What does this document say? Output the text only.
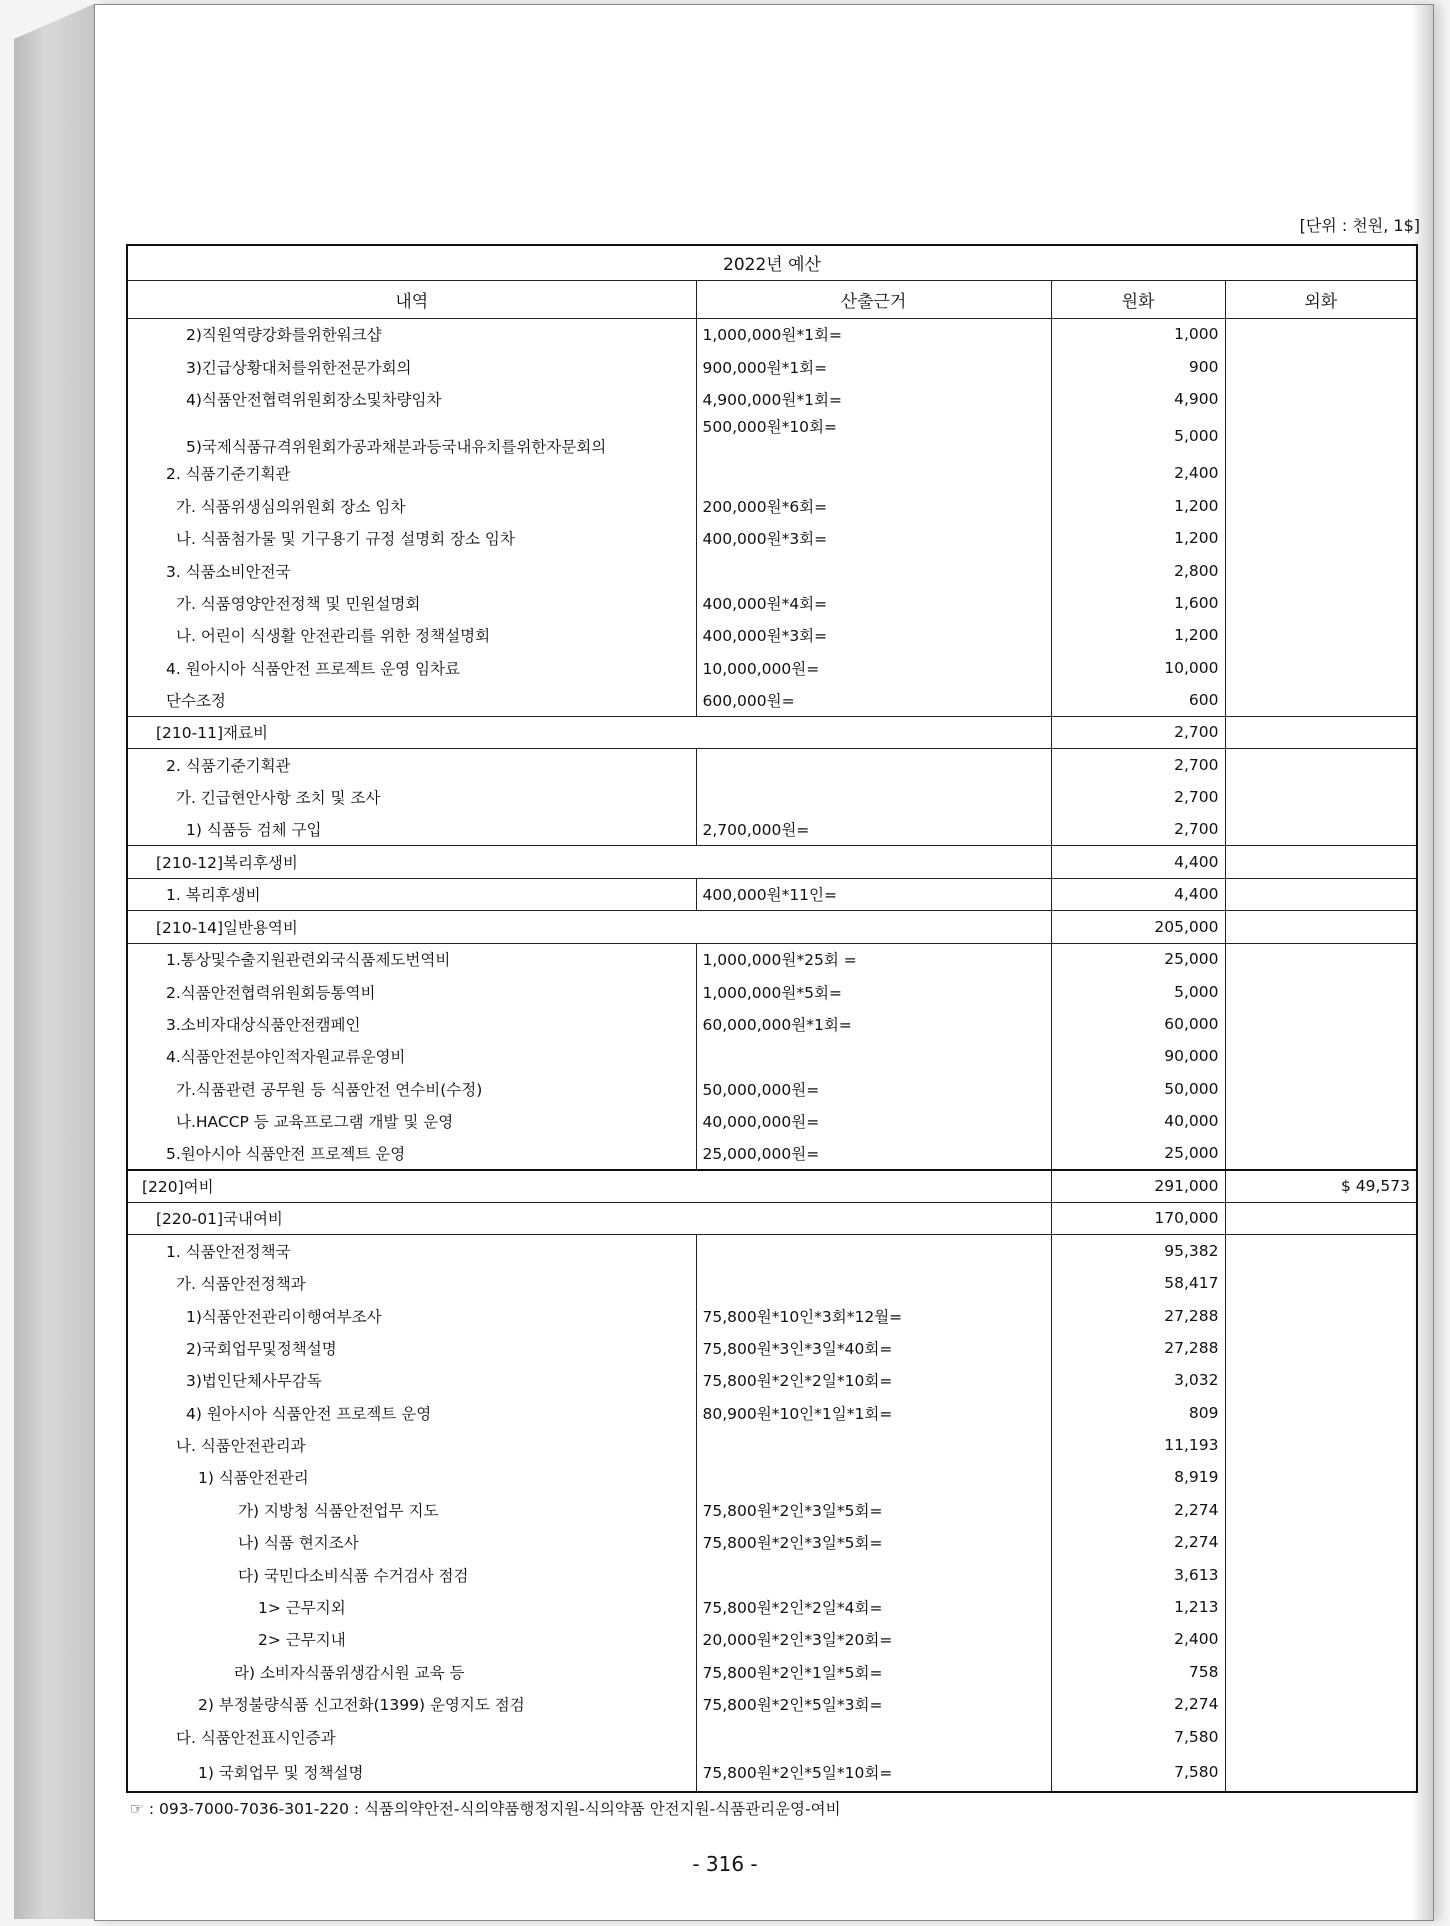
[단위 : 천원, 1$]
2022년 예산			
내역	산출근거	원화	외화
2)직원역량강화를위한워크샵	1,000,000원*1회=	1,000	
3)긴급상황대처를위한전문가회의	900,000원*1회=	900	
4)식품안전협력위원회장소및차량임차	4,900,000원*1회=	4,900	
5)국제식품규격위원회가공과채분과등국내유치를위한자문회의	500,000원*10회=	5,000	
2. 식품기준기획관		2,400	
가. 식품위생심의위원회 장소 임차	200,000원*6회=	1,200	
나. 식품첨가물 및 기구용기 규정 설명회 장소 임차	400,000원*3회=	1,200	
3. 식품소비안전국		2,800	
가. 식품영양안전정책 및 민원설명회	400,000원*4회=	1,600	
나. 어린이 식생활 안전관리를 위한 정책설명회	400,000원*3회=	1,200	
4. 원아시아 식품안전 프로젝트 운영 임차료	10,000,000원=	10,000	
단수조정	600,000원=	600	
[210-11]재료비		2,700	
2. 식품기준기획관		2,700	
가. 긴급현안사항 조치 및 조사		2,700	
1) 식품등 검체 구입	2,700,000원=	2,700	
[210-12]복리후생비		4,400	
1. 복리후생비	400,000원*11인=	4,400	
[210-14]일반용역비		205,000	
1.통상및수출지원관련외국식품제도번역비	1,000,000원*25회 =	25,000	
2.식품안전협력위원회등통역비	1,000,000원*5회=	5,000	
3.소비자대상식품안전캠페인	60,000,000원*1회=	60,000	
4.식품안전분야인적자원교류운영비		90,000	
가.식품관련 공무원 등 식품안전 연수비(수정)	50,000,000원=	50,000	
나.HACCP 등 교육프로그램 개발 및 운영	40,000,000원=	40,000	
5.원아시아 식품안전 프로젝트 운영	25,000,000원=	25,000	
[220]여비		291,000	$ 49,573
[220-01]국내여비		170,000	
1. 식품안전정책국		95,382	
가. 식품안전정책과		58,417	
1)식품안전관리이행여부조사	75,800원*10인*3회*12월=	27,288	
2)국회업무및정책설명	75,800원*3인*3일*40회=	27,288	
3)법인단체사무감독	75,800원*2인*2일*10회=	3,032	
4) 원아시아 식품안전 프로젝트 운영	80,900원*10인*1일*1회=	809	
나. 식품안전관리과		11,193	
1) 식품안전관리		8,919	
가) 지방청 식품안전업무 지도	75,800원*2인*3일*5회=	2,274	
나) 식품 현지조사	75,800원*2인*3일*5회=	2,274	
다) 국민다소비식품 수거검사 점검		3,613	
1> 근무지외	75,800원*2인*2일*4회=	1,213	
2> 근무지내	20,000원*2인*3일*20회=	2,400	
라) 소비자식품위생감시원 교육 등	75,800원*2인*1일*5회=	758	
2) 부정불량식품 신고전화(1399) 운영지도 점검	75,800원*2인*5일*3회=	2,274	
다. 식품안전표시인증과		7,580	
1) 국회업무 및 정책설명	75,800원*2인*5일*10회=	7,580	
☞ : 093-7000-7036-301-220 : 식품의약안전-식의약품행정지원-식의약품 안전지원-식품관리운영-여비
- 316 -
